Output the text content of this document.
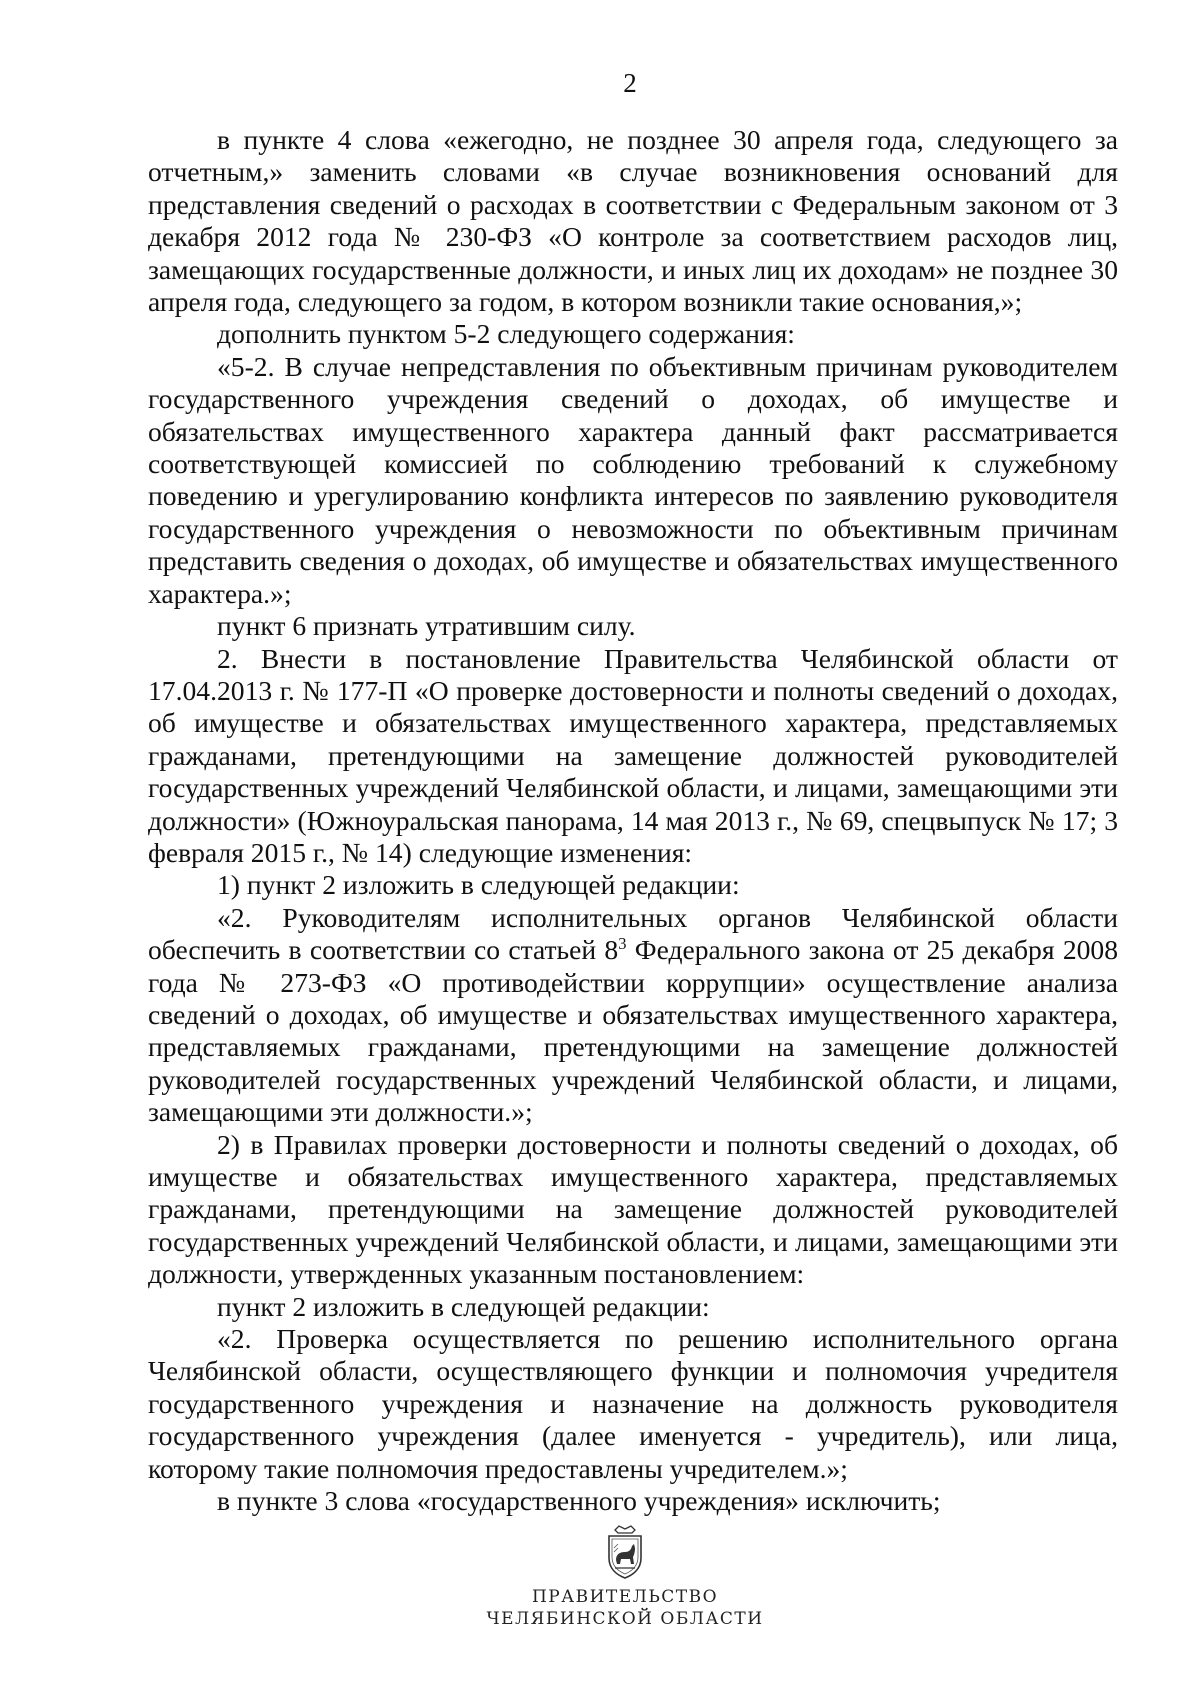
2

в пункте 4 слова «ежегодно, не позднее 30 апреля года, следующего за отчетным,» заменить словами «в случае возникновения оснований для представления сведений о расходах в соответствии с Федеральным законом от 3 декабря 2012 года № 230-ФЗ «О контроле за соответствием расходов лиц, замещающих государственные должности, и иных лиц их доходам» не позднее 30 апреля года, следующего за годом, в котором возникли такие основания,»;

дополнить пунктом 5-2 следующего содержания:

«5-2. В случае непредставления по объективным причинам руководителем государственного учреждения сведений о доходах, об имуществе и обязательствах имущественного характера данный факт рассматривается соответствующей комиссией по соблюдению требований к служебному поведению и урегулированию конфликта интересов по заявлению руководителя государственного учреждения о невозможности по объективным причинам представить сведения о доходах, об имуществе и обязательствах имущественного характера.»;

пункт 6 признать утратившим силу.

2. Внести в постановление Правительства Челябинской области от 17.04.2013 г. № 177-П «О проверке достоверности и полноты сведений о доходах, об имуществе и обязательствах имущественного характера, представляемых гражданами, претендующими на замещение должностей руководителей государственных учреждений Челябинской области, и лицами, замещающими эти должности» (Южноуральская панорама, 14 мая 2013 г., № 69, спецвыпуск № 17; 3 февраля 2015 г., № 14) следующие изменения:

1) пункт 2 изложить в следующей редакции:

«2. Руководителям исполнительных органов Челябинской области обеспечить в соответствии со статьей $8^3$ Федерального закона от 25 декабря 2008 года № 273-ФЗ «О противодействии коррупции» осуществление анализа сведений о доходах, об имуществе и обязательствах имущественного характера, представляемых гражданами, претендующими на замещение должностей руководителей государственных учреждений Челябинской области, и лицами, замещающими эти должности.»;

2) в Правилах проверки достоверности и полноты сведений о доходах, об имуществе и обязательствах имущественного характера, представляемых гражданами, претендующими на замещение должностей руководителей государственных учреждений Челябинской области, и лицами, замещающими эти должности, утвержденных указанным постановлением:

пункт 2 изложить в следующей редакции:

«2. Проверка осуществляется по решению исполнительного органа Челябинской области, осуществляющего функции и полномочия учредителя государственного учреждения и назначение на должность руководителя государственного учреждения (далее именуется - учредитель), или лица, которому такие полномочия предоставлены учредителем.»;

в пункте 3 слова «государственного учреждения» исключить;

ПРАВИТЕЛЬСТВО
ЧЕЛЯБИНСКОЙ ОБЛАСТИ
